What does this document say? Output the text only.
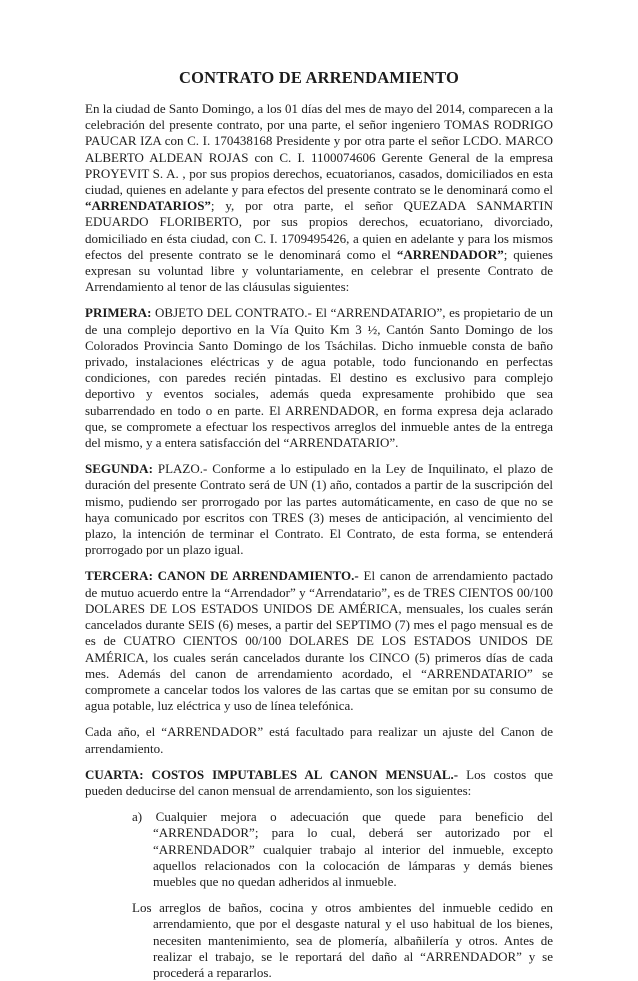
CONTRATO DE ARRENDAMIENTO

En la ciudad de Santo Domingo, a los 01 días del mes de mayo del 2014, comparecen a la celebración del presente contrato, por una parte, el señor ingeniero TOMAS RODRIGO PAUCAR IZA con C. I. 170438168 Presidente y por otra parte el señor LCDO. MARCO ALBERTO ALDEAN ROJAS con C. I. 1100074606 Gerente General de la empresa PROYEVIT S. A. , por sus propios derechos, ecuatorianos, casados, domiciliados en esta ciudad, quienes en adelante y para efectos del presente contrato se le denominará como el “ARRENDATARIOS”; y, por otra parte, el señor QUEZADA SANMARTIN EDUARDO FLORIBERTO, por sus propios derechos, ecuatoriano, divorciado, domiciliado en ésta ciudad, con C. I. 1709495426, a quien en adelante y para los mismos efectos del presente contrato se le denominará como el “ARRENDADOR”; quienes expresan su voluntad libre y voluntariamente, en celebrar el presente Contrato de Arrendamiento al tenor de las cláusulas siguientes:

PRIMERA: OBJETO DEL CONTRATO.- El “ARRENDATARIO”, es propietario de un de una complejo deportivo en la Vía Quito Km 3 ½, Cantón Santo Domingo de los Colorados Provincia Santo Domingo de los Tsáchilas. Dicho inmueble consta de baño privado, instalaciones eléctricas y de agua potable, todo funcionando en perfectas condiciones, con paredes recién pintadas. El destino es exclusivo para complejo deportivo y eventos sociales, además queda expresamente prohibido que sea subarrendado en todo o en parte. El ARRENDADOR, en forma expresa deja aclarado que, se compromete a efectuar los respectivos arreglos del inmueble antes de la entrega del mismo, y a entera satisfacción del “ARRENDATARIO”.

SEGUNDA: PLAZO.- Conforme a lo estipulado en la Ley de Inquilinato, el plazo de duración del presente Contrato será de UN (1) año, contados a partir de la suscripción del mismo, pudiendo ser prorrogado por las partes automáticamente, en caso de que no se haya comunicado por escritos con TRES (3) meses de anticipación, al vencimiento del plazo, la intención de terminar el Contrato. El Contrato, de esta forma, se entenderá prorrogado por un plazo igual.

TERCERA: CANON DE ARRENDAMIENTO.- El canon de arrendamiento pactado de mutuo acuerdo entre la “Arrendador” y “Arrendatario”, es de TRES CIENTOS 00/100 DOLARES DE LOS ESTADOS UNIDOS DE AMÉRICA, mensuales, los cuales serán cancelados durante SEIS (6) meses, a partir del SEPTIMO (7) mes el pago mensual es de es de CUATRO CIENTOS 00/100 DOLARES DE LOS ESTADOS UNIDOS DE AMÉRICA, los cuales serán cancelados durante los CINCO (5) primeros días de cada mes. Además del canon de arrendamiento acordado, el “ARRENDATARIO” se compromete a cancelar todos los valores de las cartas que se emitan por su consumo de agua potable, luz eléctrica y uso de línea telefónica.

Cada año, el “ARRENDADOR” está facultado para realizar un ajuste del Canon de arrendamiento.

CUARTA: COSTOS IMPUTABLES AL CANON MENSUAL.- Los costos que pueden deducirse del canon mensual de arrendamiento, son los siguientes:

a) Cualquier mejora o adecuación que quede para beneficio del “ARRENDADOR”; para lo cual, deberá ser autorizado por el “ARRENDADOR” cualquier trabajo al interior del inmueble, excepto aquellos relacionados con la colocación de lámparas y demás bienes muebles que no quedan adheridos al inmueble.

Los arreglos de baños, cocina y otros ambientes del inmueble cedido en arrendamiento, que por el desgaste natural y el uso habitual de los bienes, necesiten mantenimiento, sea de plomería, albañilería y otros. Antes de realizar el trabajo, se le reportará del daño al “ARRENDADOR” y se procederá a repararlos.
